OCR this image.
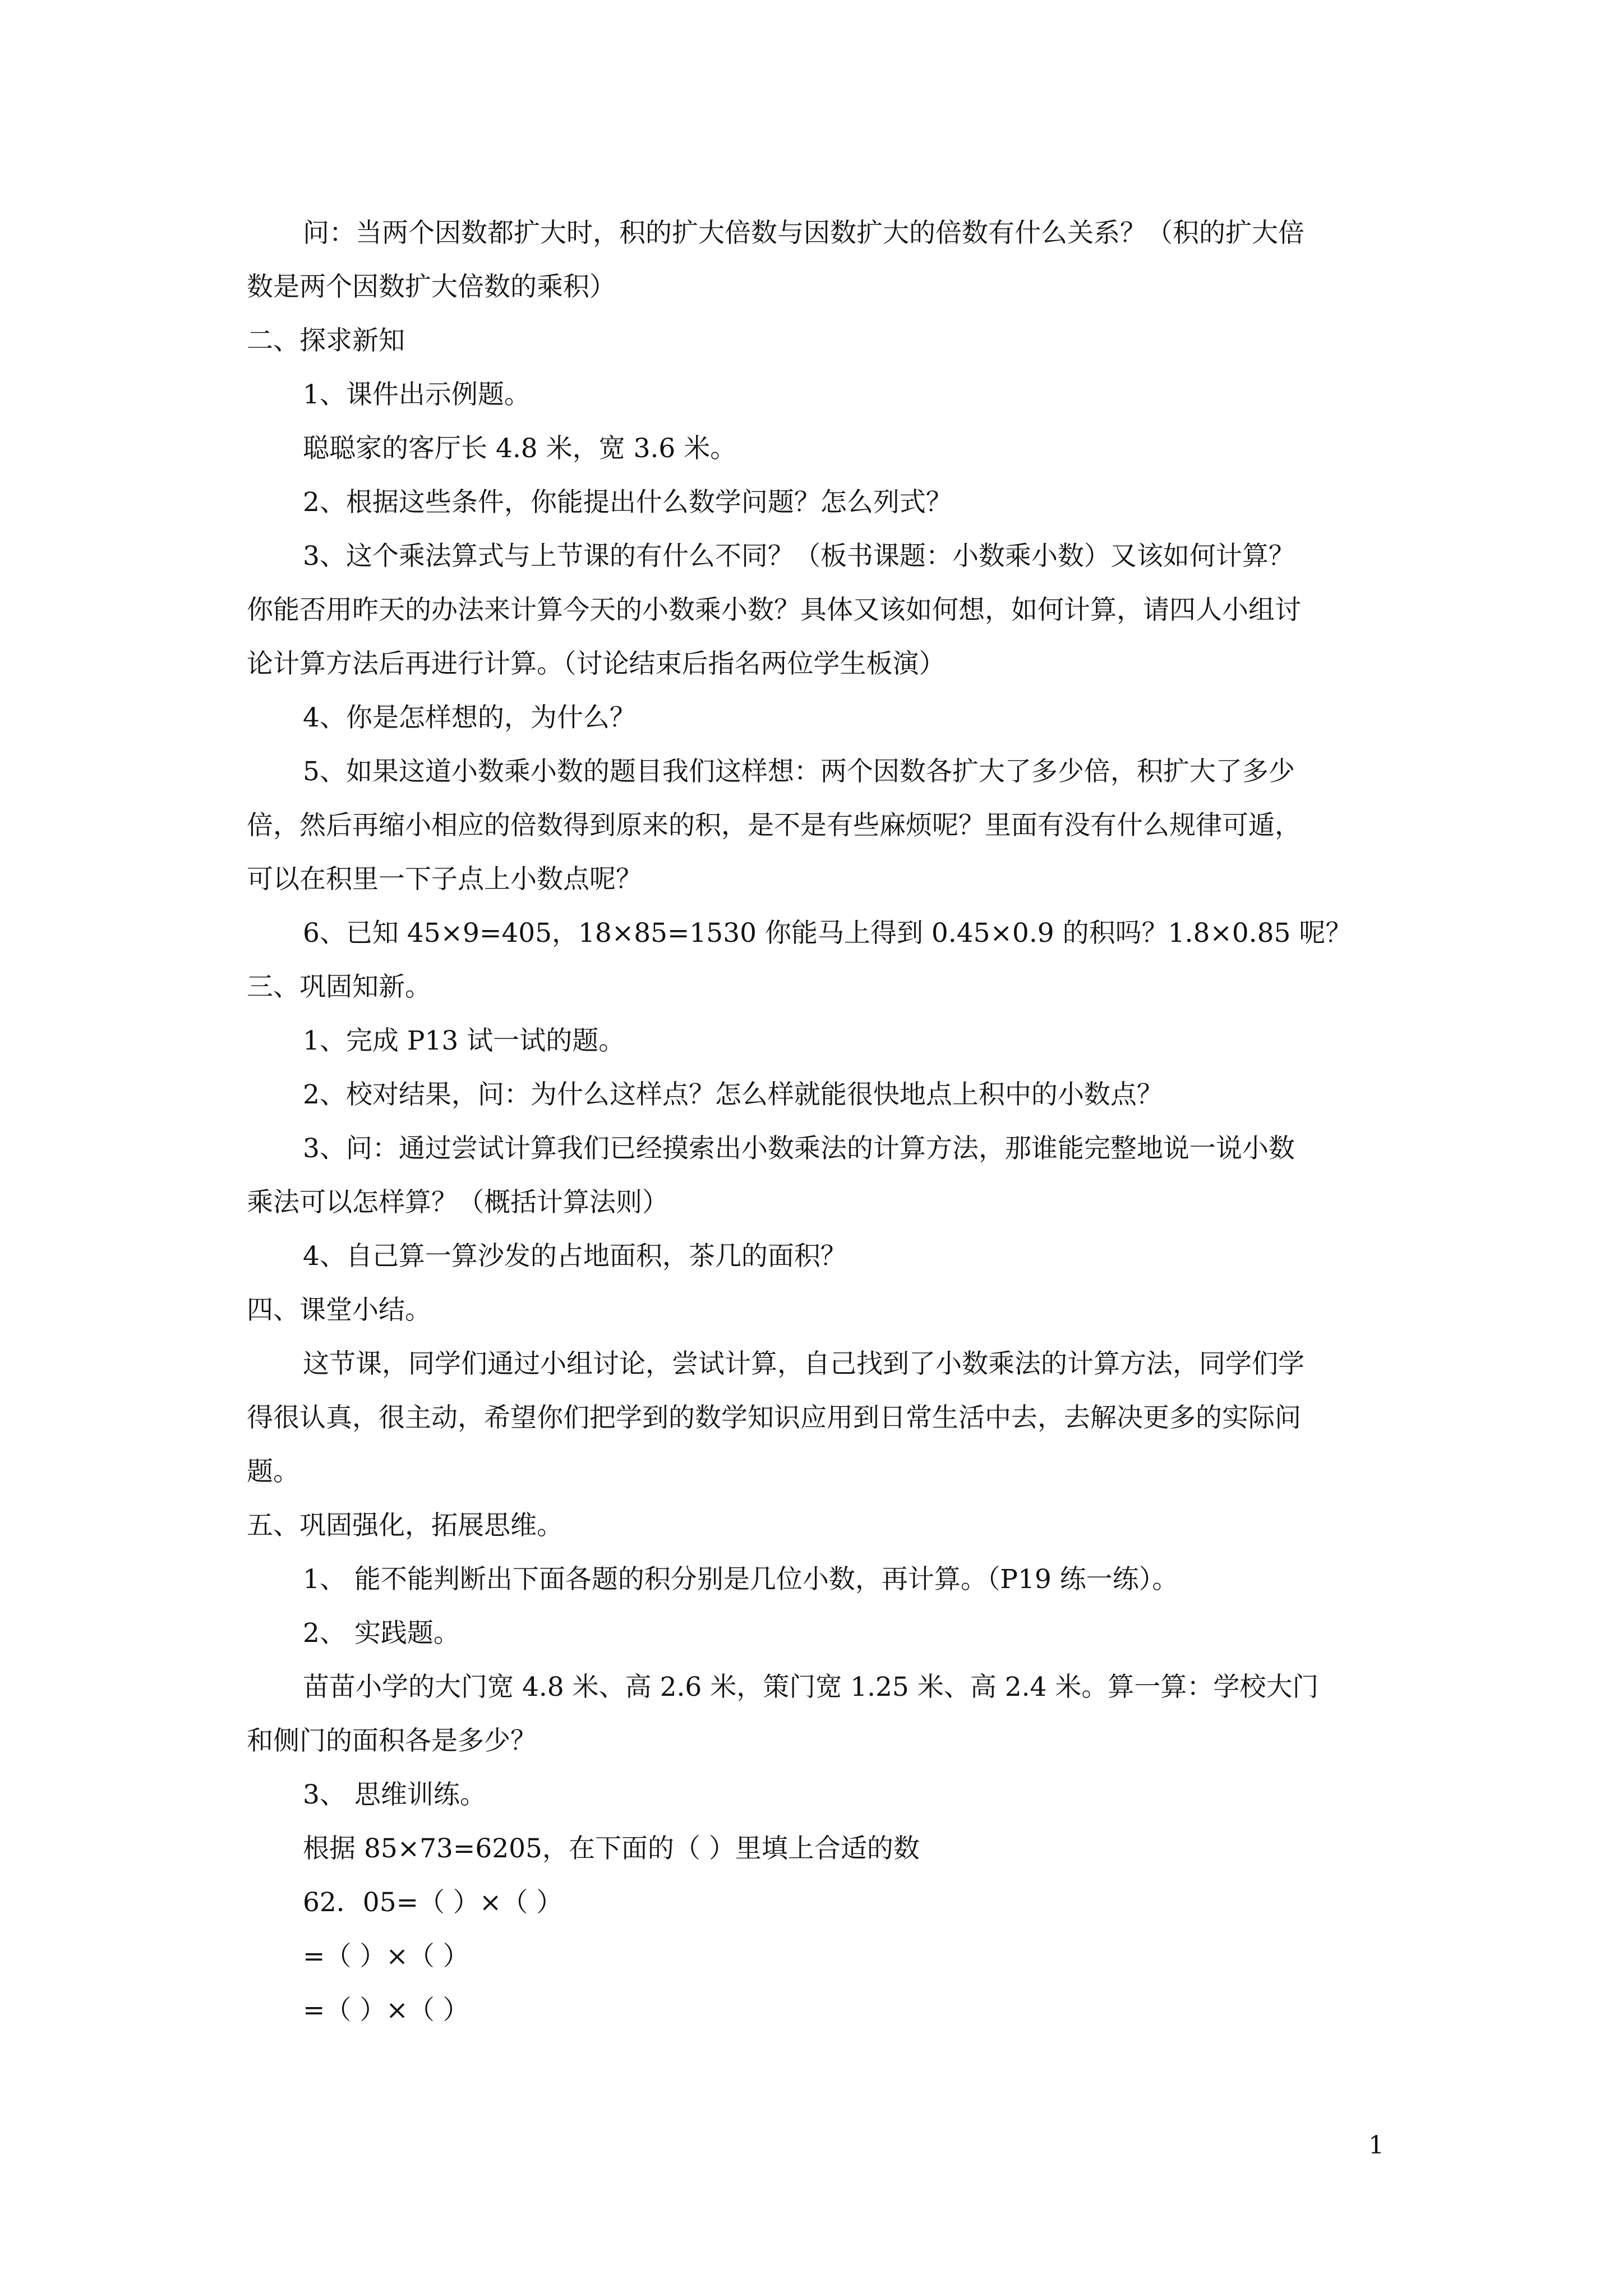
问：当两个因数都扩大时，积的扩大倍数与因数扩大的倍数有什么关系？（积的扩大倍
数是两个因数扩大倍数的乘积）
二、探求新知
1、课件出示例题。
聪聪家的客厅长 4.8 米，宽 3.6 米。
2、根据这些条件，你能提出什么数学问题？怎么列式？
3、这个乘法算式与上节课的有什么不同？（板书课题：小数乘小数）又该如何计算？
你能否用昨天的办法来计算今天的小数乘小数？具体又该如何想，如何计算，请四人小组讨
论计算方法后再进行计算。（讨论结束后指名两位学生板演）
4、你是怎样想的，为什么？
5、如果这道小数乘小数的题目我们这样想：两个因数各扩大了多少倍，积扩大了多少
倍，然后再缩小相应的倍数得到原来的积，是不是有些麻烦呢？里面有没有什么规律可遁，
可以在积里一下子点上小数点呢？
6、已知 45×9=405，18×85=1530 你能马上得到 0.45×0.9 的积吗？1.8×0.85 呢？
三、巩固知新。
1、完成 P13 试一试的题。
2、校对结果，问：为什么这样点？怎么样就能很快地点上积中的小数点？
3、问：通过尝试计算我们已经摸索出小数乘法的计算方法，那谁能完整地说一说小数
乘法可以怎样算？（概括计算法则）
4、自己算一算沙发的占地面积，茶几的面积？
四、课堂小结。
这节课，同学们通过小组讨论，尝试计算，自己找到了小数乘法的计算方法，同学们学
得很认真，很主动，希望你们把学到的数学知识应用到日常生活中去，去解决更多的实际问
题。
五、巩固强化，拓展思维。
1、 能不能判断出下面各题的积分别是几位小数，再计算。（P19 练一练）。
2、 实践题。
苗苗小学的大门宽 4.8 米、高 2.6 米，策门宽 1.25 米、高 2.4 米。算一算：学校大门
和侧门的面积各是多少？
3、 思维训练。
根据 85×73=6205，在下面的（ ）里填上合适的数
62．05=（ ）×（ ）
=（ ）×（ ）
=（ ）×（ ）
1
